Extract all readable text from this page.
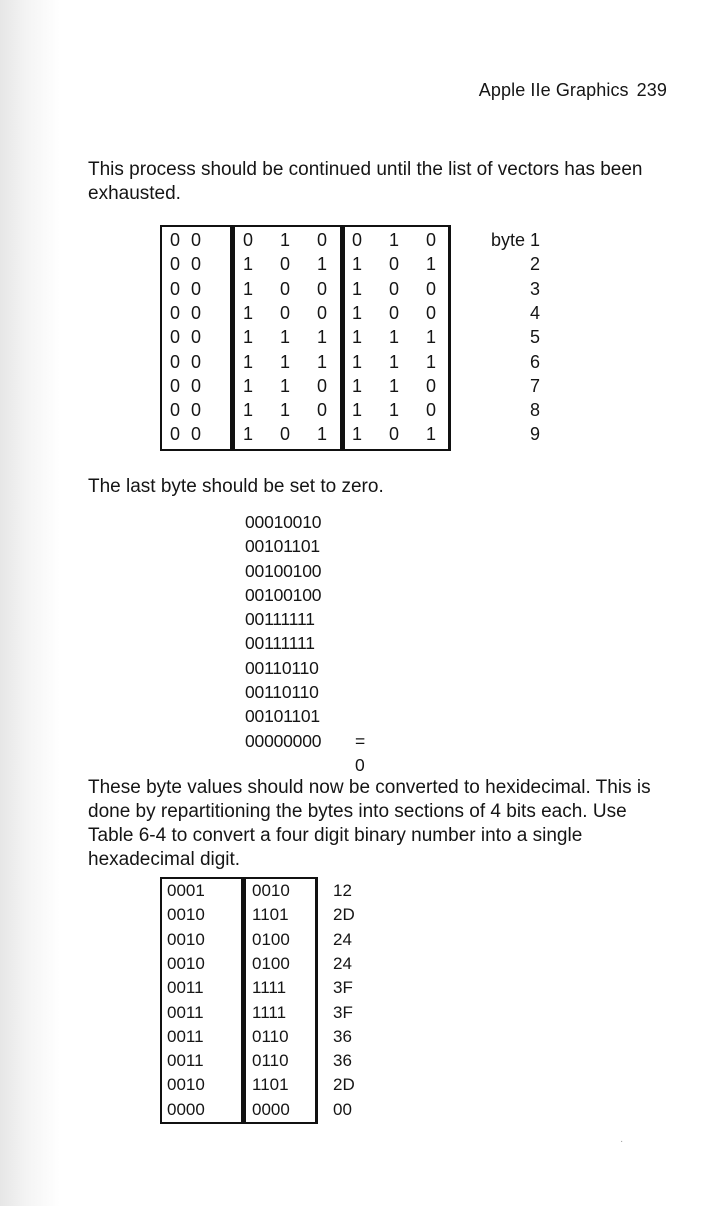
Apple IIe Graphics 239

This process should be continued until the list of vectors has been exhausted.

0 0 0 1 0 0 1 0	byte 1
0 0 1 0 1 1 0 1	2
0 0 1 0 0 1 0 0	3
0 0 1 0 0 1 0 0	4
0 0 1 1 1 1 1 1	5
0 0 1 1 1 1 1 1	6
0 0 1 1 0 1 1 0	7
0 0 1 1 0 1 1 0	8
0 0 1 0 1 1 0 1	9

The last byte should be set to zero.

00010010
00101101
00100100
00100100
00111111
00111111
00110110
00110110
00101101
00000000 = 0

These byte values should now be converted to hexidecimal. This is done by repartitioning the bytes into sections of 4 bits each. Use Table 6-4 to convert a four digit binary number into a single hexadecimal digit.

0001	0010	12
0010	1101	2D
0010	0100	24
0010	0100	24
0011	1111	3F
0011	1111	3F
0011	0110	36
0011	0110	36
0010	1101	2D
0000	0000	00
·
